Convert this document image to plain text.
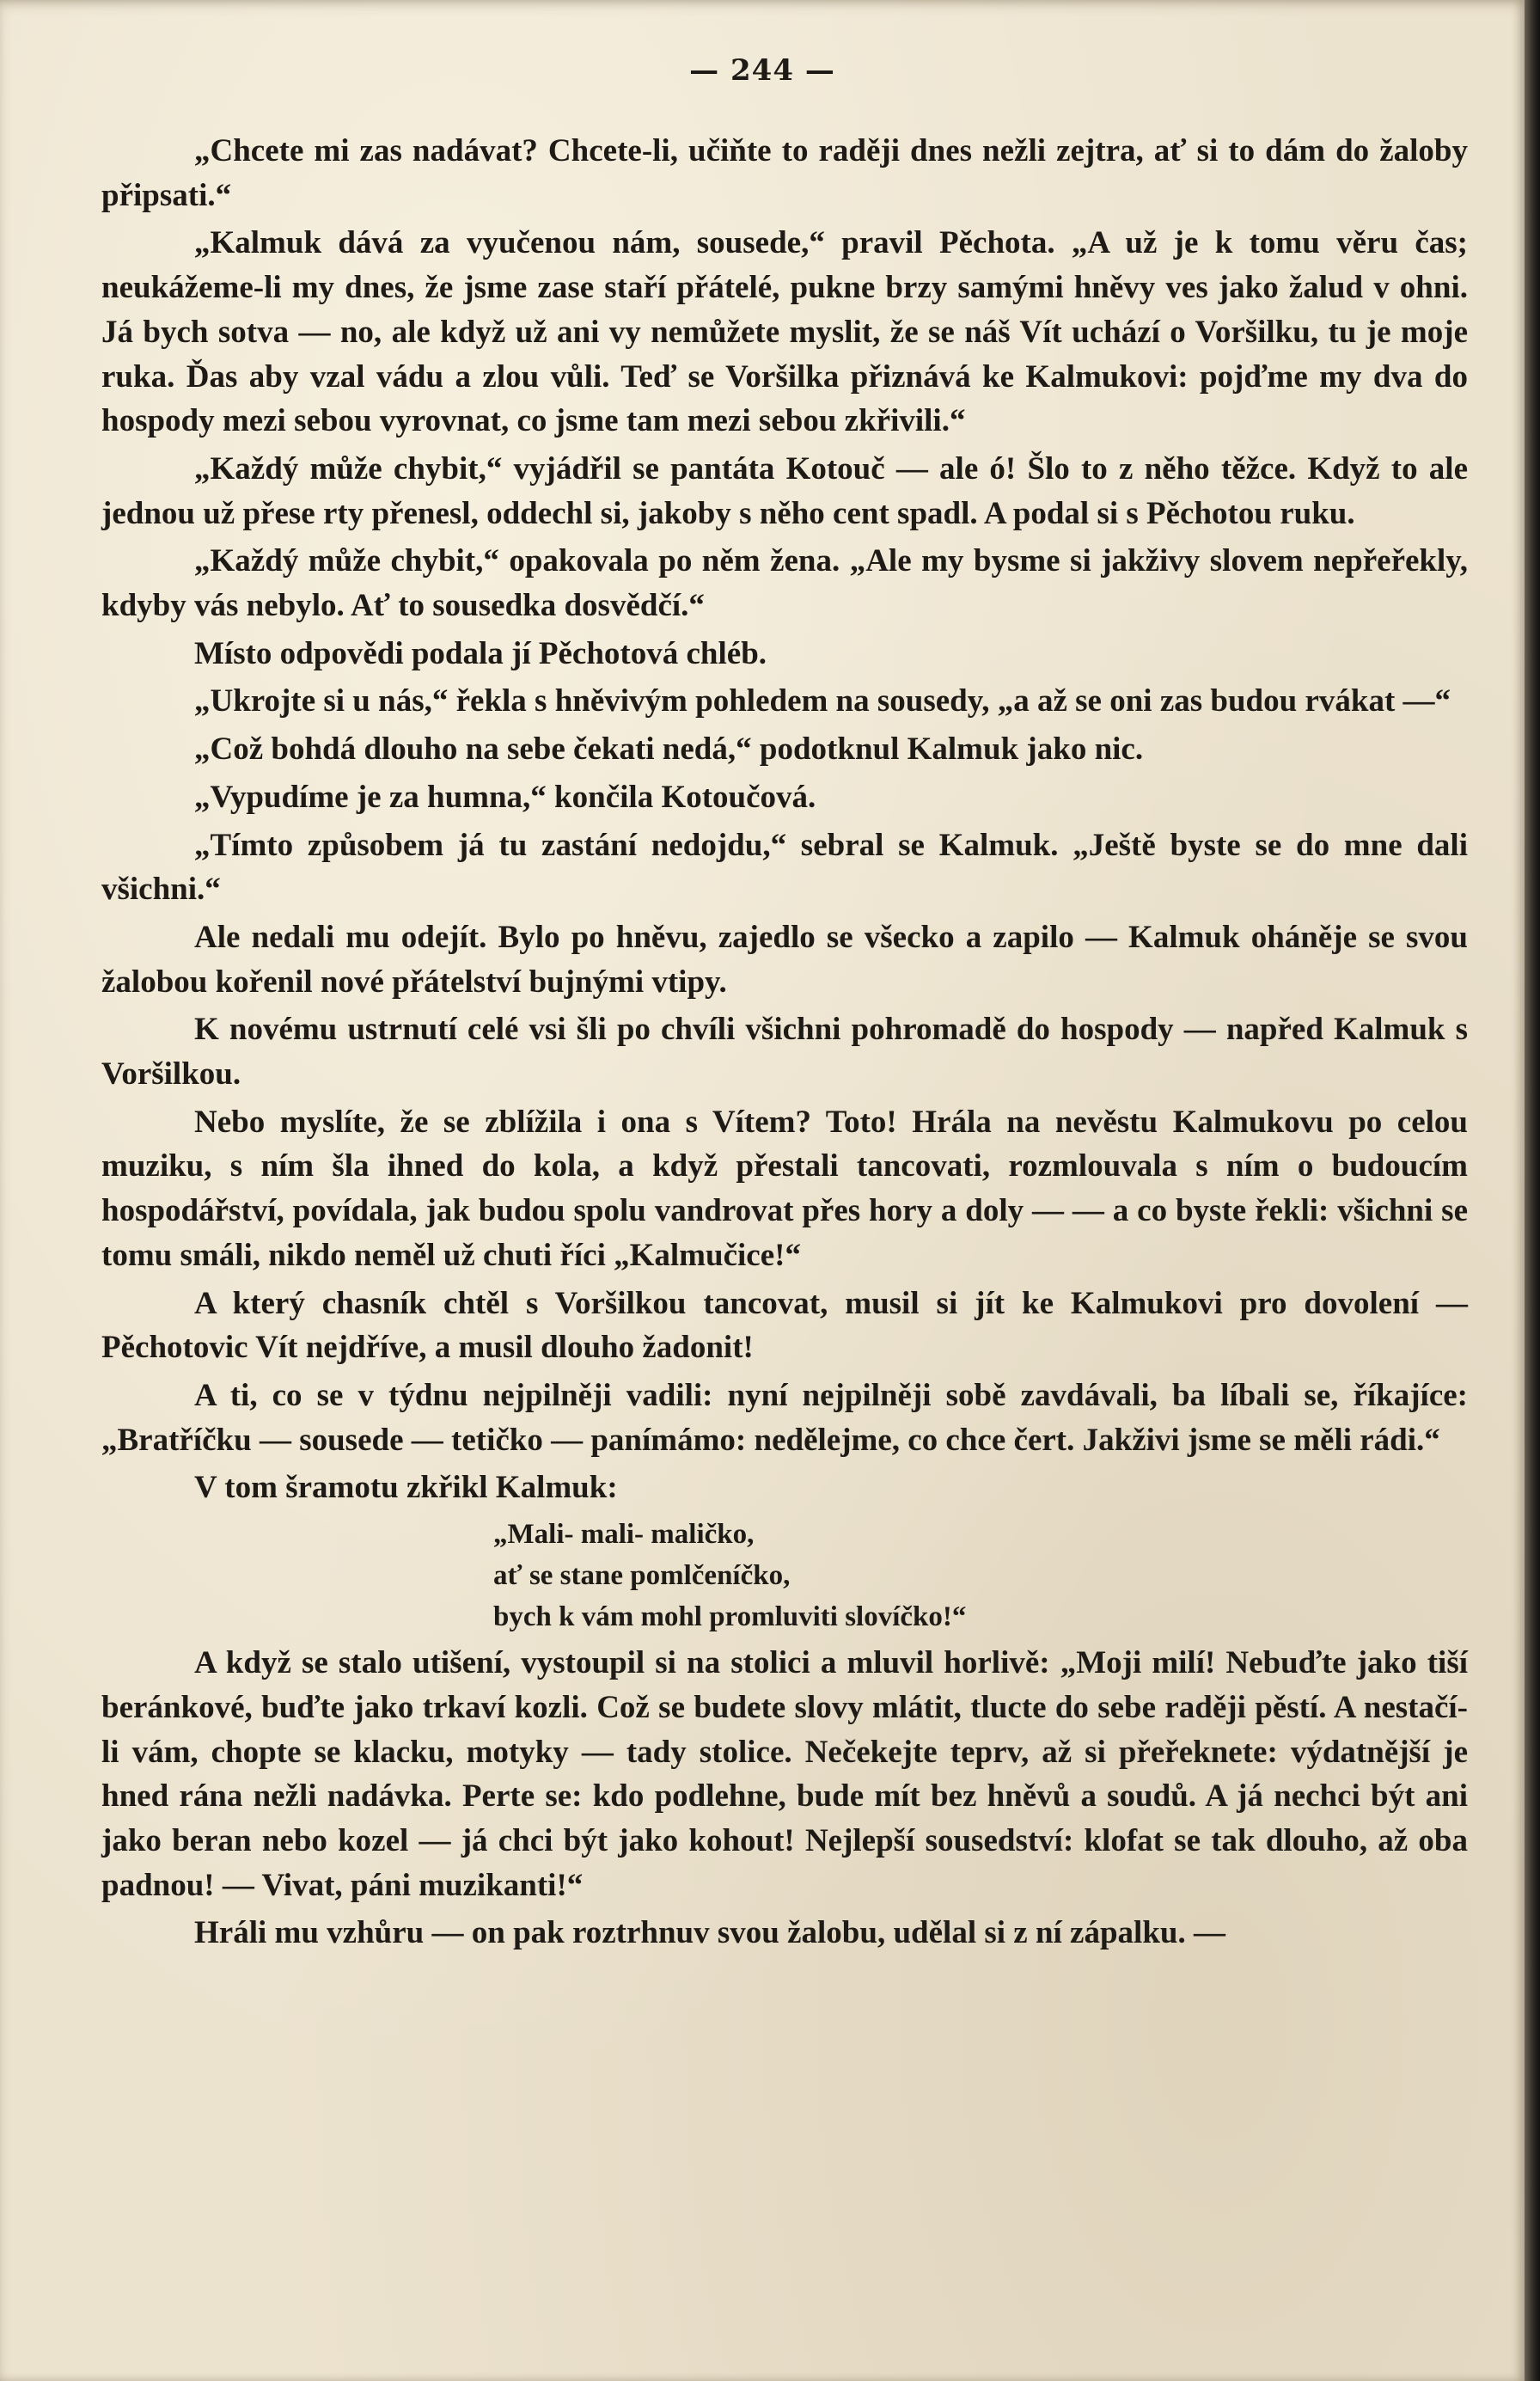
— 244 —

„Chcete mi zas nadávat? Chcete-li, učiňte to raději dnes nežli zejtra, ať si to dám do žaloby připsati.“

„Kalmuk dává za vyučenou nám, sousede,“ pravil Pěchota. „A už je k tomu věru čas; neukážeme-li my dnes, že jsme zase staří přátelé, pukne brzy samými hněvy ves jako žalud v ohni. Já bych sotva — no, ale když už ani vy nemůžete myslit, že se náš Vít uchází o Voršilku, tu je moje ruka. Ďas aby vzal vádu a zlou vůli. Teď se Voršilka přiznává ke Kalmukovi: pojďme my dva do hospody mezi sebou vyrovnat, co jsme tam mezi sebou zkřivili.“

„Každý může chybit,“ vyjádřil se pantáta Kotouč — ale ó! Šlo to z něho těžce. Když to ale jednou už přese rty přenesl, oddechl si, jakoby s něho cent spadl. A podal si s Pěchotou ruku.

„Každý může chybit,“ opakovala po něm žena. „Ale my bysme si jakživy slovem nepřeřekly, kdyby vás nebylo. Ať to sousedka dosvědčí.“

Místo odpovědi podala jí Pěchotová chléb.

„Ukrojte si u nás,“ řekla s hněvivým pohledem na sousedy, „a až se oni zas budou rvákat —“

„Což bohdá dlouho na sebe čekati nedá,“ podotknul Kalmuk jako nic.

„Vypudíme je za humna,“ končila Kotoučová.

„Tímto způsobem já tu zastání nedojdu,“ sebral se Kalmuk. „Ještě byste se do mne dali všichni.“

Ale nedali mu odejít. Bylo po hněvu, zajedlo se všecko a zapilo — Kalmuk oháněje se svou žalobou kořenil nové přátelství bujnými vtipy.

K novému ustrnutí celé vsi šli po chvíli všichni pohromadě do hospody — napřed Kalmuk s Voršilkou.

Nebo myslíte, že se zblížila i ona s Vítem? Toto! Hrála na nevěstu Kalmukovu po celou muziku, s ním šla ihned do kola, a když přestali tancovati, rozmlouvala s ním o budoucím hospodářství, povídala, jak budou spolu vandrovat přes hory a doly — — a co byste řekli: všichni se tomu smáli, nikdo neměl už chuti říci „Kalmučice!“

A který chasník chtěl s Voršilkou tancovat, musil si jít ke Kalmukovi pro dovolení — Pěchotovic Vít nejdříve, a musil dlouho žadonit!

A ti, co se v týdnu nejpilněji vadili: nyní nejpilněji sobě zavdávali, ba líbali se, říkajíce: „Bratříčku — sousede — tetičko — panímámo: nedělejme, co chce čert. Jakživi jsme se měli rádi.“

V tom šramotu zkřikl Kalmuk:

„Mali- mali- maličko,
ať se stane pomlčeníčko,
bych k vám mohl promluviti slovíčko!“

A když se stalo utišení, vystoupil si na stolici a mluvil horlivě: „Moji milí! Nebuďte jako tiší beránkové, buďte jako trkaví kozli. Což se budete slovy mlátit, tlucte do sebe raději pěstí. A nestačí-li vám, chopte se klacku, motyky — tady stolice. Nečekejte teprv, až si přeřeknete: výdatnější je hned rána nežli nadávka. Perte se: kdo podlehne, bude mít bez hněvů a soudů. A já nechci být ani jako beran nebo kozel — já chci být jako kohout! Nejlepší sousedství: klofat se tak dlouho, až oba padnou! — Vivat, páni muzikanti!“

Hráli mu vzhůru — on pak roztrhnuv svou žalobu, udělal si z ní zápalku. —
